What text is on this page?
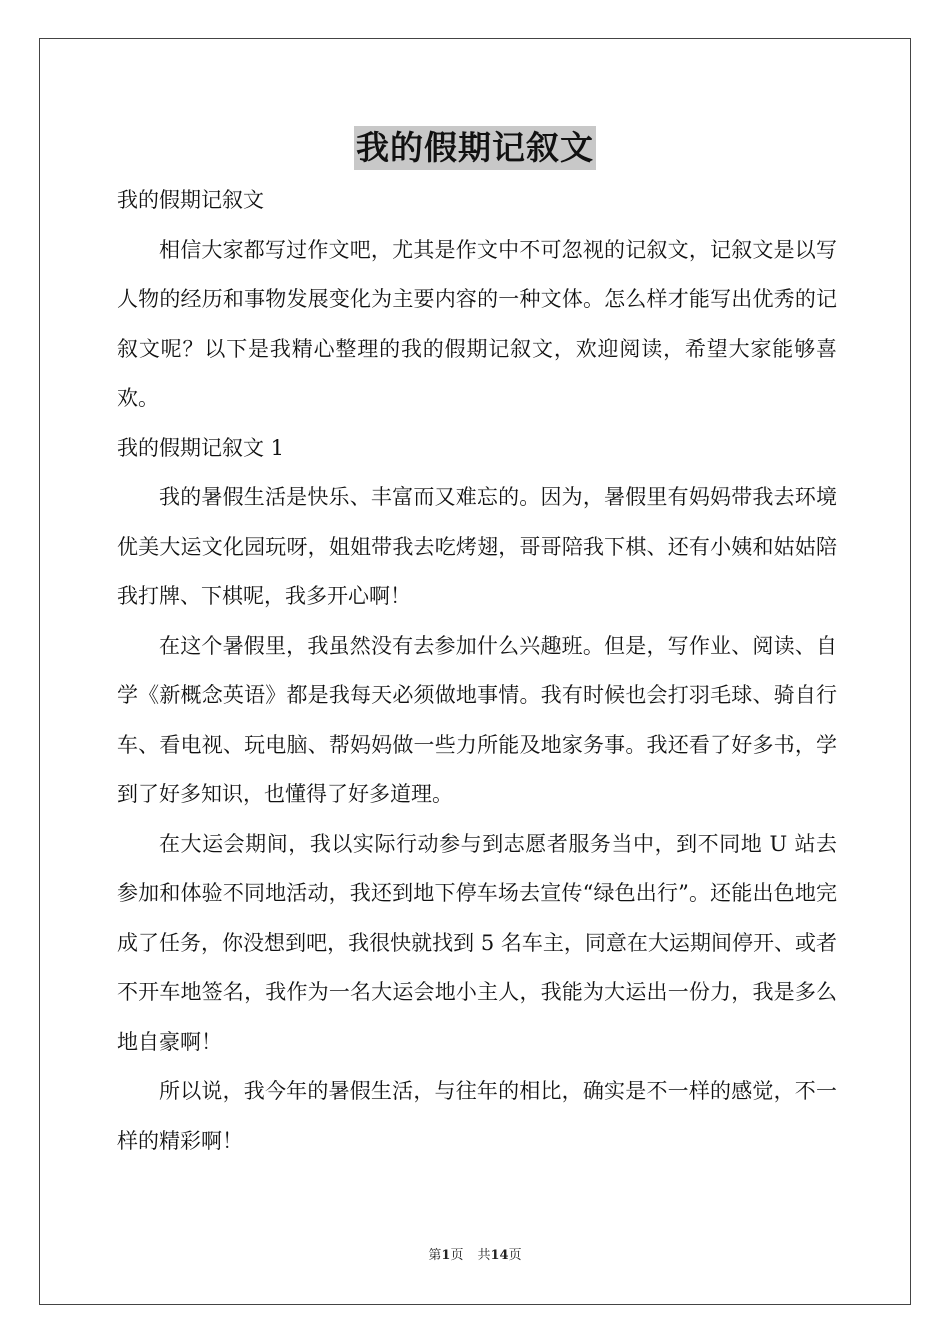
我的假期记叙文

我的假期记叙文

相信大家都写过作文吧，尤其是作文中不可忽视的记叙文，记叙文是以写人物的经历和事物发展变化为主要内容的一种文体。怎么样才能写出优秀的记叙文呢？以下是我精心整理的我的假期记叙文，欢迎阅读，希望大家能够喜欢。

我的假期记叙文 1

我的暑假生活是快乐、丰富而又难忘的。因为，暑假里有妈妈带我去环境优美大运文化园玩呀，姐姐带我去吃烤翅，哥哥陪我下棋、还有小姨和姑姑陪我打牌、下棋呢，我多开心啊！

在这个暑假里，我虽然没有去参加什么兴趣班。但是，写作业、阅读、自学《新概念英语》都是我每天必须做地事情。我有时候也会打羽毛球、骑自行车、看电视、玩电脑、帮妈妈做一些力所能及地家务事。我还看了好多书，学到了好多知识，也懂得了好多道理。

在大运会期间，我以实际行动参与到志愿者服务当中，到不同地 U 站去参加和体验不同地活动，我还到地下停车场去宣传“绿色出行”。还能出色地完成了任务，你没想到吧，我很快就找到 5 名车主，同意在大运期间停开、或者不开车地签名，我作为一名大运会地小主人，我能为大运出一份力，我是多么地自豪啊！

所以说，我今年的暑假生活，与往年的相比，确实是不一样的感觉，不一样的精彩啊！

第1页 共14页
